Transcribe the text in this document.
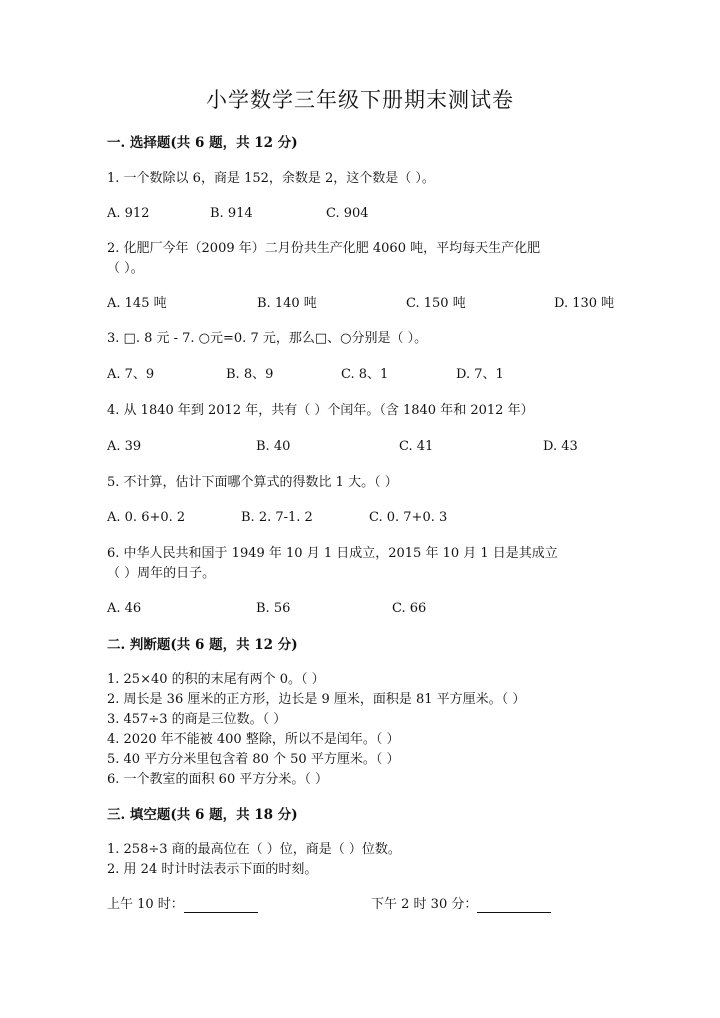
小学数学三年级下册期末测试卷
一. 选择题(共 6 题，共 12 分)
1. 一个数除以 6，商是 152，余数是 2，这个数是（ ）。
A. 912	B. 914	C. 904
2. 化肥厂今年（2009 年）二月份共生产化肥 4060 吨，平均每天生产化肥
（ ）。
A. 145 吨	B. 140 吨	C. 150 吨	D. 130 吨
3. □. 8 元 - 7. ○元=0. 7 元，那么□、○分别是（ ）。
A. 7、9	B. 8、9	C. 8、1	D. 7、1
4. 从 1840 年到 2012 年，共有（ ）个闰年。（含 1840 年和 2012 年）
A. 39	B. 40	C. 41	D. 43
5. 不计算，估计下面哪个算式的得数比 1 大。（ ）
A. 0. 6+0. 2	B. 2. 7-1. 2	C. 0. 7+0. 3
6. 中华人民共和国于 1949 年 10 月 1 日成立，2015 年 10 月 1 日是其成立
（ ）周年的日子。
A. 46	B. 56	C. 66
二. 判断题(共 6 题，共 12 分)
1. 25×40 的积的末尾有两个 0。（ ）
2. 周长是 36 厘米的正方形，边长是 9 厘米，面积是 81 平方厘米。（ ）
3. 457÷3 的商是三位数。（ ）
4. 2020 年不能被 400 整除，所以不是闰年。（ ）
5. 40 平方分米里包含着 80 个 50 平方厘米。（ ）
6. 一个教室的面积 60 平方分米。（ ）
三. 填空题(共 6 题，共 18 分)
1. 258÷3 商的最高位在（ ）位，商是（ ）位数。
2. 用 24 时计时法表示下面的时刻。
上午 10 时：	下午 2 时 30 分：
